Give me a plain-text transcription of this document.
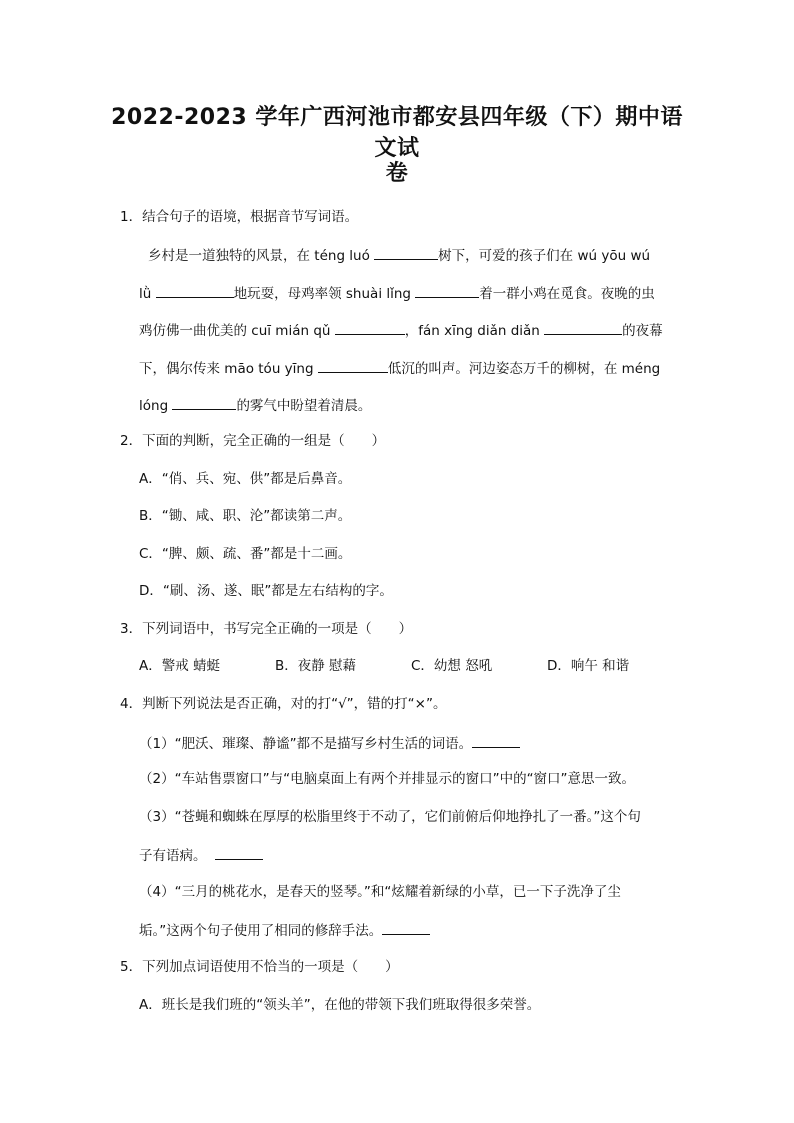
2022-2023 学年广西河池市都安县四年级（下）期中语文试
卷
1．结合句子的语境，根据音节写词语。
乡村是一道独特的风景，在 téng luó	树下，可爱的孩子们在 wú yōu wú
lǜ	地玩耍，母鸡率领 shuài lǐng	着一群小鸡在觅食。夜晚的虫
鸡仿佛一曲优美的 cuī mián qǔ	，fán xīng diǎn diǎn	的夜幕
下，偶尔传来 māo tóu yīng	低沉的叫声。河边姿态万千的柳树，在 méng
lóng	的雾气中盼望着清晨。
2．下面的判断，完全正确的一组是（　　）
A．“俏、兵、宛、供”都是后鼻音。
B．“锄、咸、职、沦”都读第二声。
C．“脾、颇、疏、番”都是十二画。
D．“刷、汤、遂、眠”都是左右结构的字。
3．下列词语中，书写完全正确的一项是（　　）
A．警戒 蜻蜓	B．夜静 慰藉	C．幼想 怒吼	D．响午 和谐
4．判断下列说法是否正确，对的打“√”，错的打“×”。
（1）“肥沃、璀璨、静谧”都不是描写乡村生活的词语。
（2）“车站售票窗口”与“电脑桌面上有两个并排显示的窗口”中的“窗口”意思一致。
（3）“苍蝇和蜘蛛在厚厚的松脂里终于不动了，它们前俯后仰地挣扎了一番。”这个句
子有语病。
（4）“三月的桃花水，是春天的竖琴。”和“炫耀着新绿的小草，已一下子洗净了尘
垢。”这两个句子使用了相同的修辞手法。
5．下列加点词语使用不恰当的一项是（　　）
A．班长是我们班的“领头羊”，在他的带领下我们班取得很多荣誉。
